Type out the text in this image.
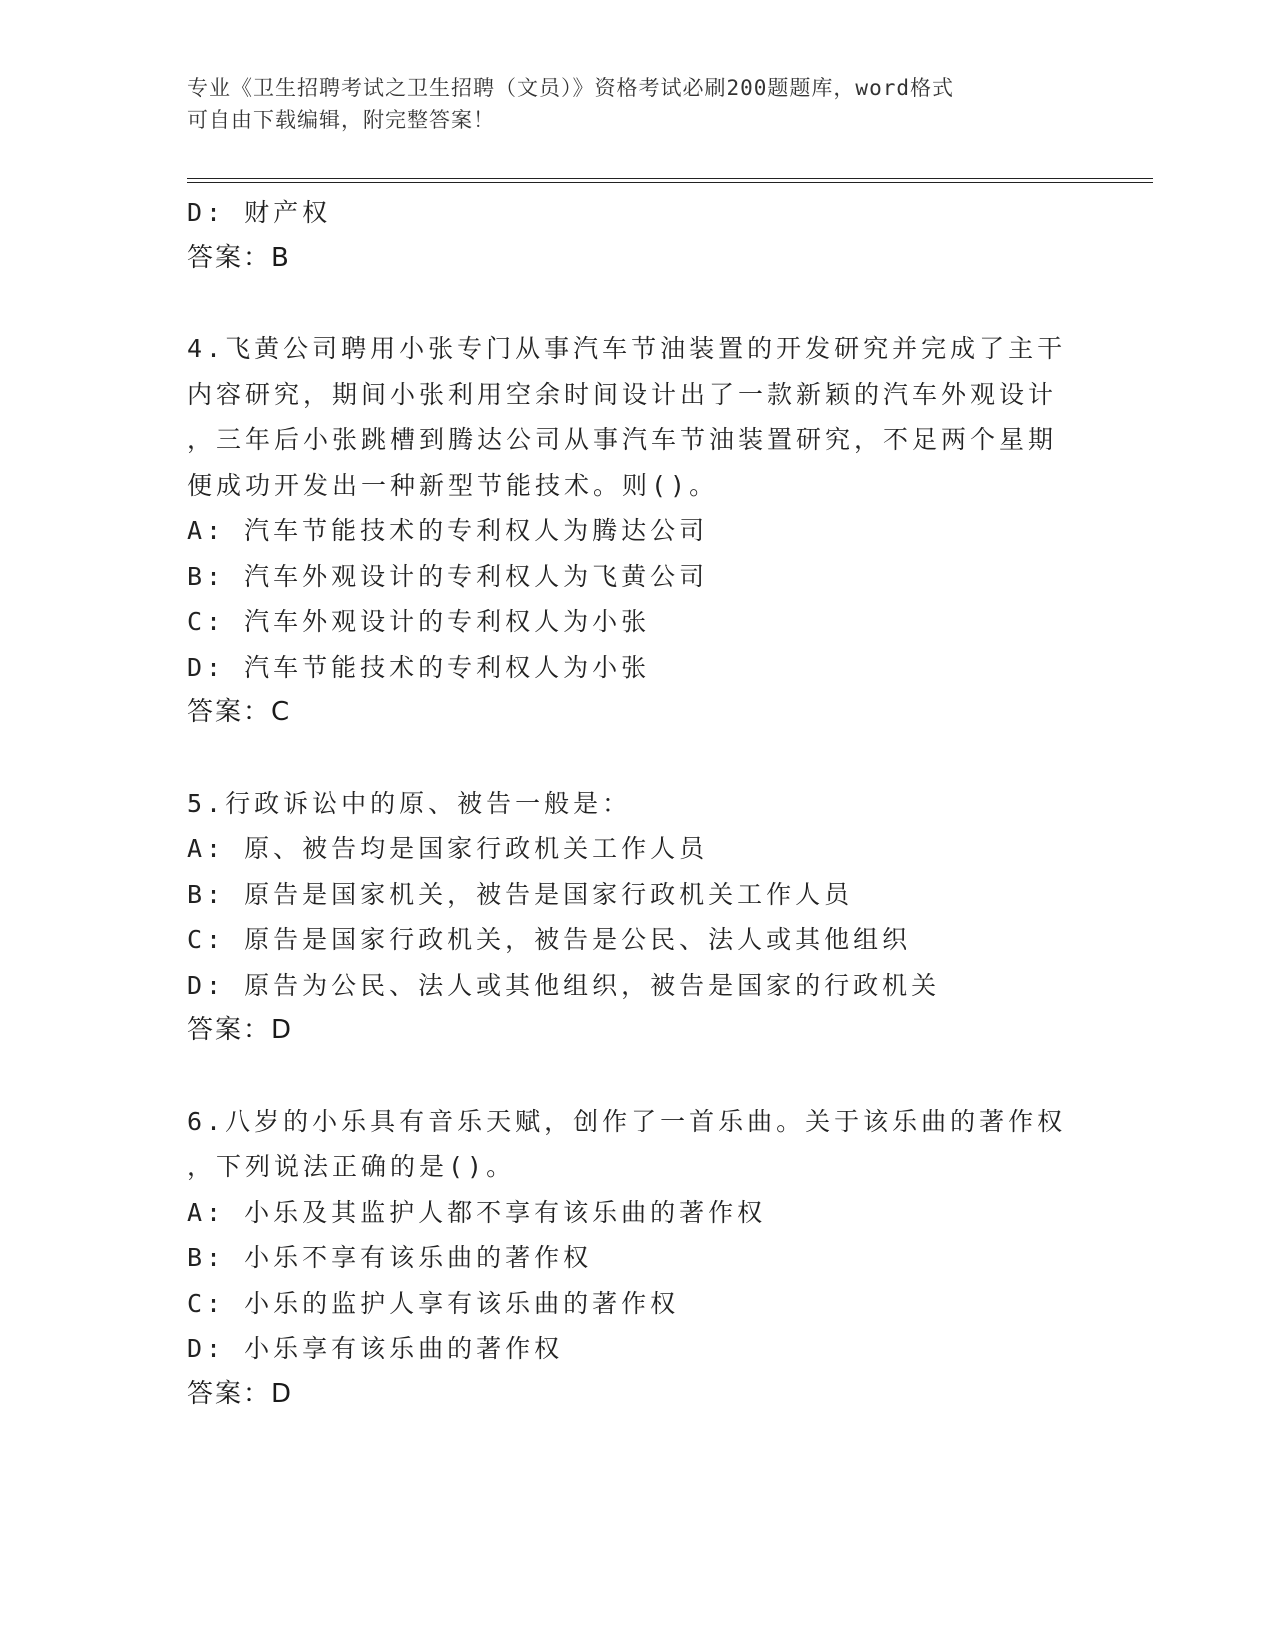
专业《卫生招聘考试之卫生招聘（文员）》资格考试必刷200题题库，word格式
可自由下载编辑，附完整答案！
D: 财产权
答案：B
4.飞黄公司聘用小张专门从事汽车节油装置的开发研究并完成了主干
内容研究，期间小张利用空余时间设计出了一款新颖的汽车外观设计
，三年后小张跳槽到腾达公司从事汽车节油装置研究，不足两个星期
便成功开发出一种新型节能技术。则()。
A: 汽车节能技术的专利权人为腾达公司
B: 汽车外观设计的专利权人为飞黄公司
C: 汽车外观设计的专利权人为小张
D: 汽车节能技术的专利权人为小张
答案：C
5.行政诉讼中的原、被告一般是：
A: 原、被告均是国家行政机关工作人员
B: 原告是国家机关，被告是国家行政机关工作人员
C: 原告是国家行政机关，被告是公民、法人或其他组织
D: 原告为公民、法人或其他组织，被告是国家的行政机关
答案：D
6.八岁的小乐具有音乐天赋，创作了一首乐曲。关于该乐曲的著作权
，下列说法正确的是()。
A: 小乐及其监护人都不享有该乐曲的著作权
B: 小乐不享有该乐曲的著作权
C: 小乐的监护人享有该乐曲的著作权
D: 小乐享有该乐曲的著作权
答案：D
